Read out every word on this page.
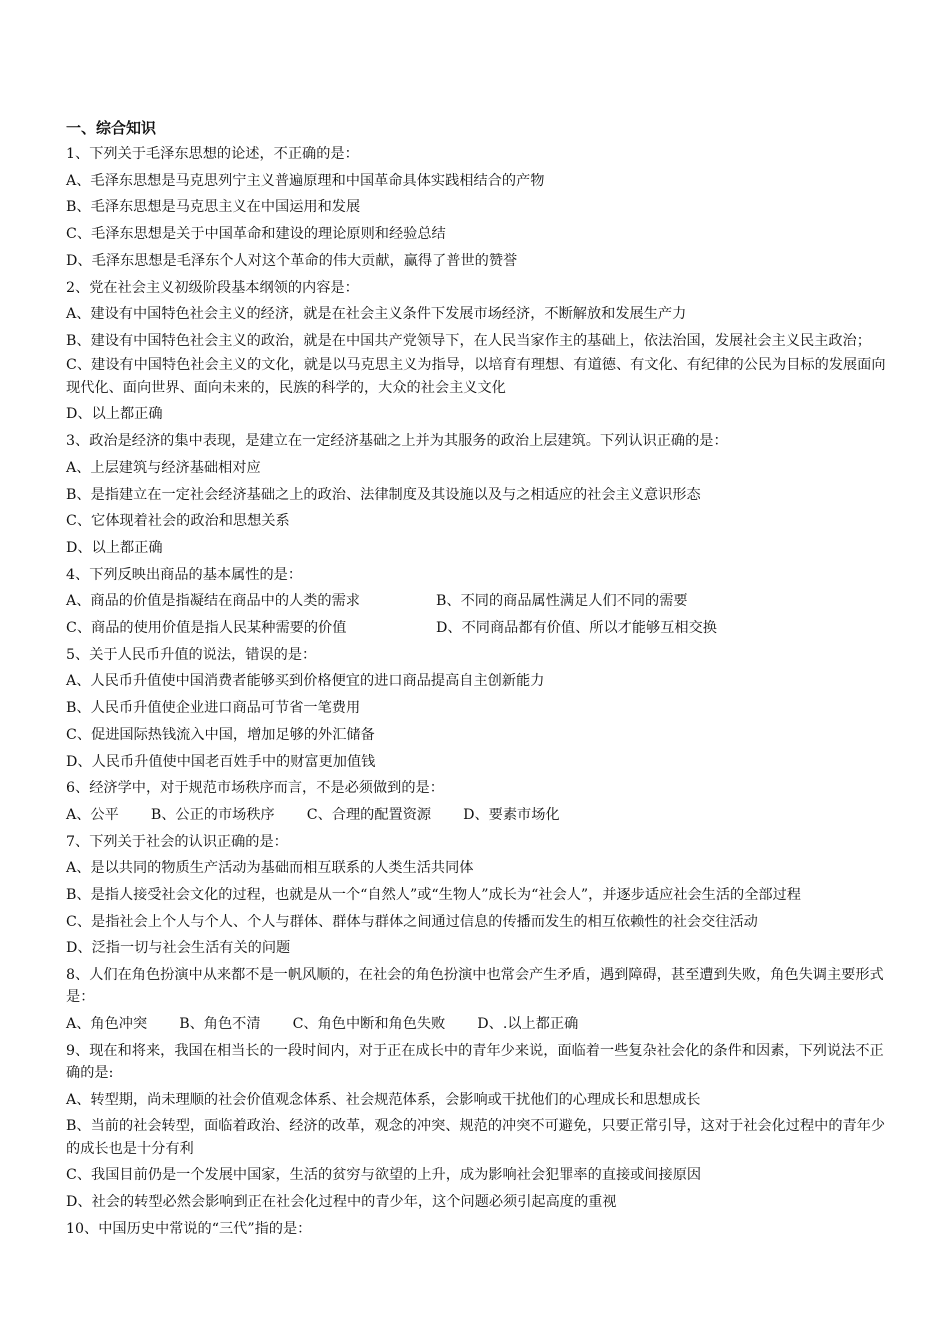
一、综合知识

1、下列关于毛泽东思想的论述，不正确的是：

A、毛泽东思想是马克思列宁主义普遍原理和中国革命具体实践相结合的产物

B、毛泽东思想是马克思主义在中国运用和发展

C、毛泽东思想是关于中国革命和建设的理论原则和经验总结

D、毛泽东思想是毛泽东个人对这个革命的伟大贡献，赢得了普世的赞誉

2、党在社会主义初级阶段基本纲领的内容是：

A、建设有中国特色社会主义的经济，就是在社会主义条件下发展市场经济，不断解放和发展生产力

B、建设有中国特色社会主义的政治，就是在中国共产党领导下，在人民当家作主的基础上，依法治国，发展社会主义民主政治；

C、建设有中国特色社会主义的文化，就是以马克思主义为指导，以培育有理想、有道德、有文化、有纪律的公民为目标的发展面向现代化、面向世界、面向未来的，民族的科学的，大众的社会主义文化

D、以上都正确

3、政治是经济的集中表现，是建立在一定经济基础之上并为其服务的政治上层建筑。下列认识正确的是：

A、上层建筑与经济基础相对应

B、是指建立在一定社会经济基础之上的政治、法律制度及其设施以及与之相适应的社会主义意识形态

C、它体现着社会的政治和思想关系

D、以上都正确

4、下列反映出商品的基本属性的是：

A、商品的价值是指凝结在商品中的人类的需求	B、不同的商品属性满足人们不同的需要
C、商品的使用价值是指人民某种需要的价值	D、不同商品都有价值、所以才能够互相交换

5、关于人民币升值的说法，错误的是：

A、人民币升值使中国消费者能够买到价格便宜的进口商品提高自主创新能力

B、人民币升值使企业进口商品可节省一笔费用

C、促进国际热钱流入中国，增加足够的外汇储备

D、人民币升值使中国老百姓手中的财富更加值钱

6、经济学中，对于规范市场秩序而言，不是必须做到的是：

A、公平 B、公正的市场秩序 C、合理的配置资源 D、要素市场化

7、下列关于社会的认识正确的是：

A、是以共同的物质生产活动为基础而相互联系的人类生活共同体

B、是指人接受社会文化的过程，也就是从一个“自然人”或“生物人”成长为“社会人”，并逐步适应社会生活的全部过程

C、是指社会上个人与个人、个人与群体、群体与群体之间通过信息的传播而发生的相互依赖性的社会交往活动

D、泛指一切与社会生活有关的问题

8、人们在角色扮演中从来都不是一帆风顺的，在社会的角色扮演中也常会产生矛盾，遇到障碍，甚至遭到失败，角色失调主要形式是：

A、角色冲突 B、角色不清 C、角色中断和角色失败 D、.以上都正确

9、现在和将来，我国在相当长的一段时间内，对于正在成长中的青年少来说，面临着一些复杂社会化的条件和因素，下列说法不正确的是:

A、转型期，尚未理顺的社会价值观念体系、社会规范体系，会影响或干扰他们的心理成长和思想成长

B、当前的社会转型，面临着政治、经济的改革，观念的冲突、规范的冲突不可避免，只要正常引导，这对于社会化过程中的青年少的成长也是十分有利

C、我国目前仍是一个发展中国家，生活的贫穷与欲望的上升，成为影响社会犯罪率的直接或间接原因

D、社会的转型必然会影响到正在社会化过程中的青少年，这个问题必须引起高度的重视

10、中国历史中常说的“三代”指的是：
